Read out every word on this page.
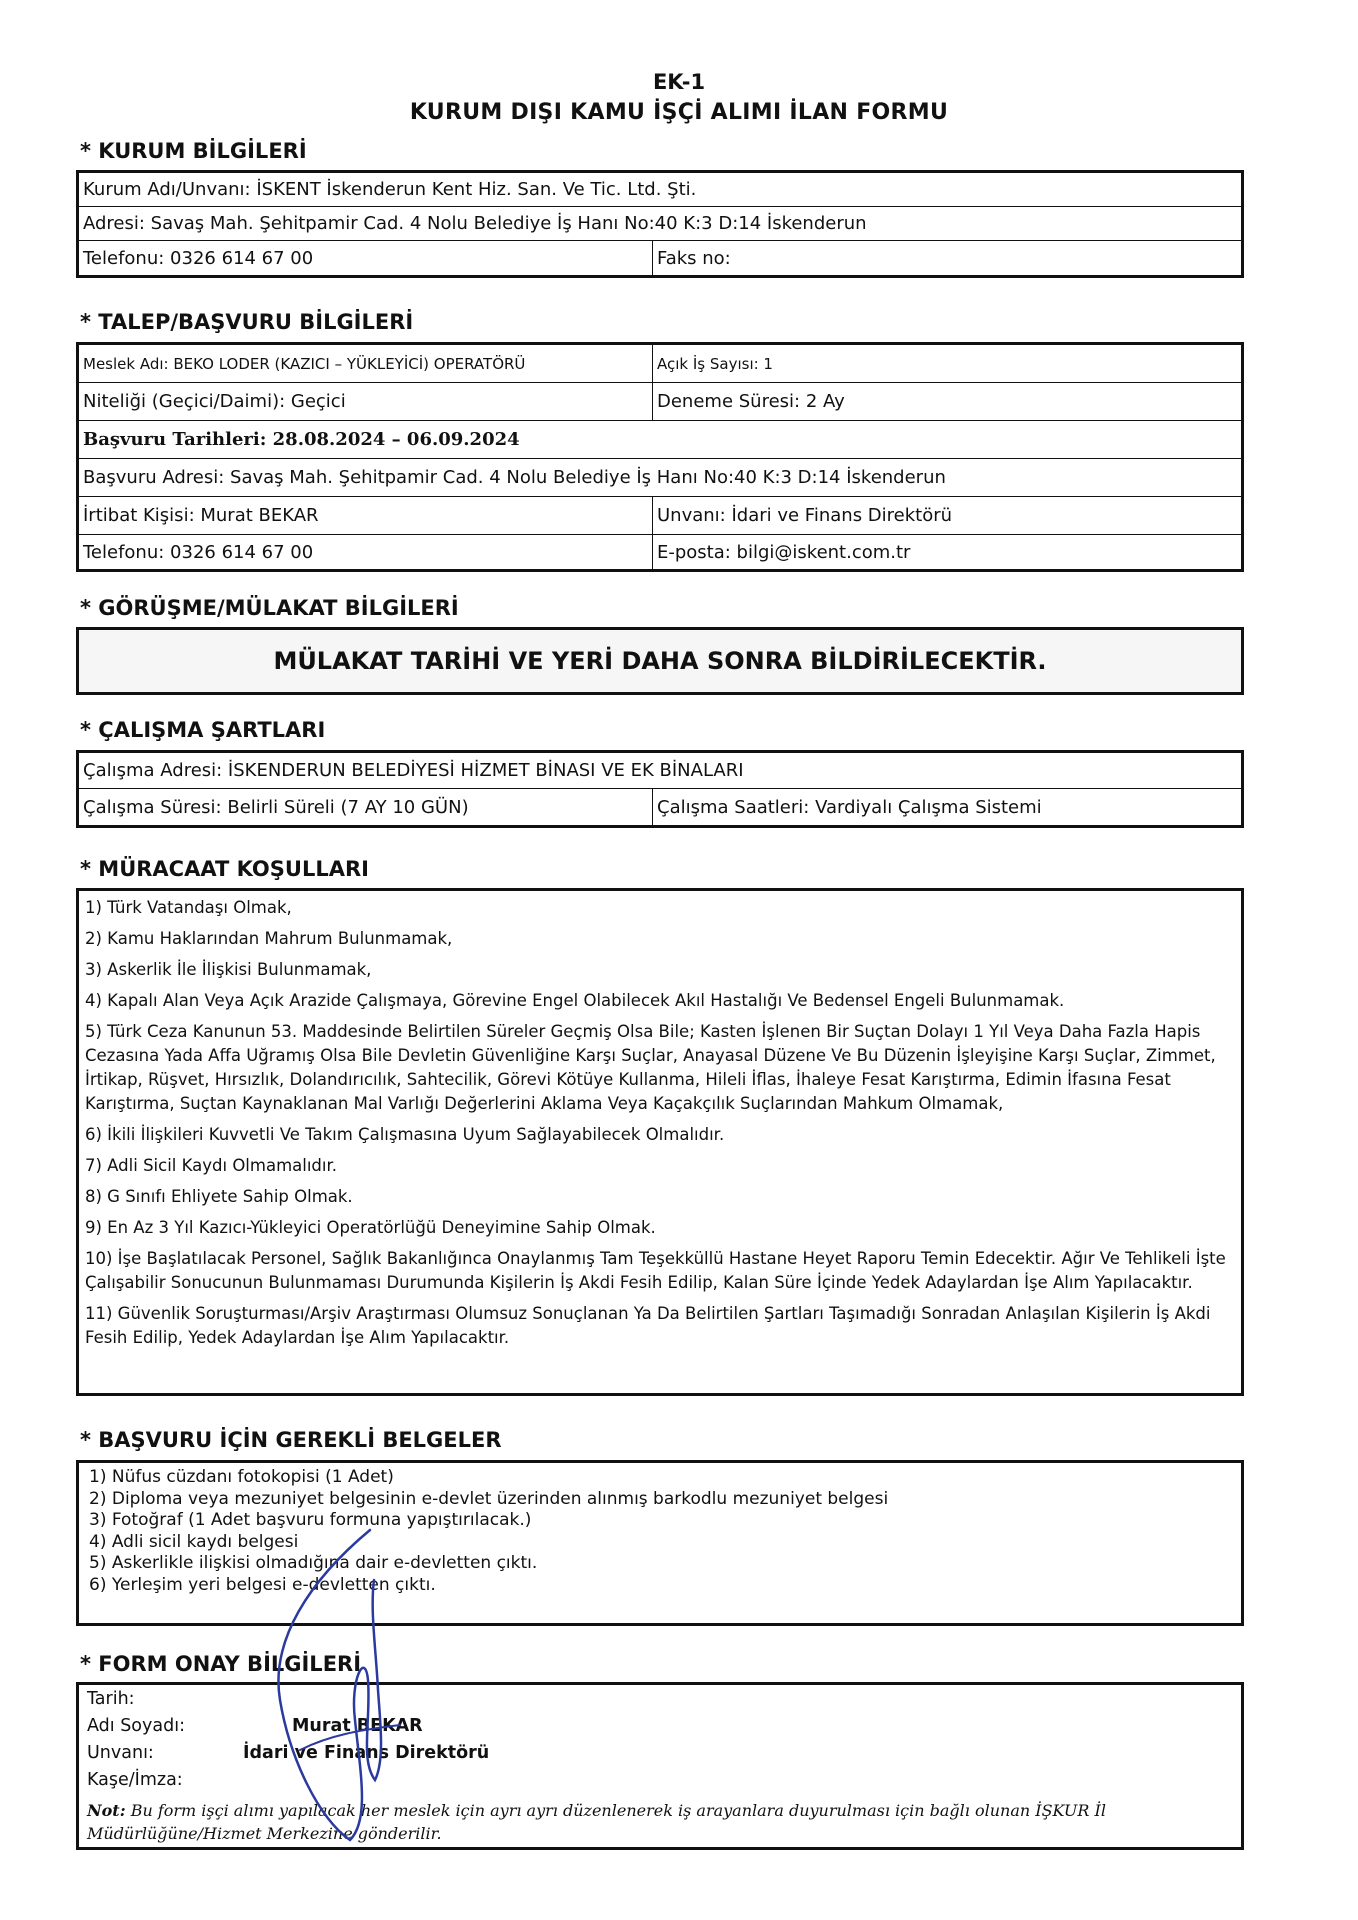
EK-1
KURUM DIŞI KAMU İŞÇİ ALIMI İLAN FORMU
* KURUM BİLGİLERİ
Kurum Adı/Unvanı: İSKENT İskenderun Kent Hiz. San. Ve Tic. Ltd. Şti.
Adresi: Savaş Mah. Şehitpamir Cad. 4 Nolu Belediye İş Hanı No:40 K:3 D:14 İskenderun
Telefonu: 0326 614 67 00	Faks no:
* TALEP/BAŞVURU BİLGİLERİ
Meslek Adı: BEKO LODER (KAZICI – YÜKLEYİCİ) OPERATÖRÜ	Açık İş Sayısı: 1
Niteliği (Geçici/Daimi): Geçici	Deneme Süresi: 2 Ay
Başvuru Tarihleri: 28.08.2024 – 06.09.2024
Başvuru Adresi: Savaş Mah. Şehitpamir Cad. 4 Nolu Belediye İş Hanı No:40 K:3 D:14 İskenderun
İrtibat Kişisi: Murat BEKAR	Unvanı: İdari ve Finans Direktörü
Telefonu: 0326 614 67 00	E-posta: bilgi@iskent.com.tr
* GÖRÜŞME/MÜLAKAT BİLGİLERİ
MÜLAKAT TARİHİ VE YERİ DAHA SONRA BİLDİRİLECEKTİR.
* ÇALIŞMA ŞARTLARI
Çalışma Adresi: İSKENDERUN BELEDİYESİ HİZMET BİNASI VE EK BİNALARI
Çalışma Süresi: Belirli Süreli (7 AY 10 GÜN)	Çalışma Saatleri: Vardiyalı Çalışma Sistemi
* MÜRACAAT KOŞULLARI

1) Türk Vatandaşı Olmak,

2) Kamu Haklarından Mahrum Bulunmamak,

3) Askerlik İle İlişkisi Bulunmamak,

4) Kapalı Alan Veya Açık Arazide Çalışmaya, Görevine Engel Olabilecek Akıl Hastalığı Ve Bedensel Engeli Bulunmamak.

5) Türk Ceza Kanunun 53. Maddesinde Belirtilen Süreler Geçmiş Olsa Bile; Kasten İşlenen Bir Suçtan Dolayı 1 Yıl Veya Daha Fazla Hapis Cezasına Yada Affa Uğramış Olsa Bile Devletin Güvenliğine Karşı Suçlar, Anayasal Düzene Ve Bu Düzenin İşleyişine Karşı Suçlar, Zimmet, İrtikap, Rüşvet, Hırsızlık, Dolandırıcılık, Sahtecilik, Görevi Kötüye Kullanma, Hileli İflas, İhaleye Fesat Karıştırma, Edimin İfasına Fesat Karıştırma, Suçtan Kaynaklanan Mal Varlığı Değerlerini Aklama Veya Kaçakçılık Suçlarından Mahkum Olmamak,

6) İkili İlişkileri Kuvvetli Ve Takım Çalışmasına Uyum Sağlayabilecek Olmalıdır.

7) Adli Sicil Kaydı Olmamalıdır.

8) G Sınıfı Ehliyete Sahip Olmak.

9) En Az 3 Yıl Kazıcı-Yükleyici Operatörlüğü Deneyimine Sahip Olmak.

10) İşe Başlatılacak Personel, Sağlık Bakanlığınca Onaylanmış Tam Teşekküllü Hastane Heyet Raporu Temin Edecektir. Ağır Ve Tehlikeli İşte Çalışabilir Sonucunun Bulunmaması Durumunda Kişilerin İş Akdi Fesih Edilip, Kalan Süre İçinde Yedek Adaylardan İşe Alım Yapılacaktır.

11) Güvenlik Soruşturması/Arşiv Araştırması Olumsuz Sonuçlanan Ya Da Belirtilen Şartları Taşımadığı Sonradan Anlaşılan Kişilerin İş Akdi Fesih Edilip, Yedek Adaylardan İşe Alım Yapılacaktır.

* BAŞVURU İÇİN GEREKLİ BELGELER
1) Nüfus cüzdanı fotokopisi (1 Adet)
2) Diploma veya mezuniyet belgesinin e-devlet üzerinden alınmış barkodlu mezuniyet belgesi
3) Fotoğraf (1 Adet başvuru formuna yapıştırılacak.)
4) Adli sicil kaydı belgesi
5) Askerlikle ilişkisi olmadığına dair e-devletten çıktı.
6) Yerleşim yeri belgesi e-devletten çıktı.
* FORM ONAY BİLGİLERİ
Tarih:
Adı Soyadı:	Murat BEKAR
Unvanı:	İdari ve Finans Direktörü
Kaşe/İmza:
Not: Bu form işçi alımı yapılacak her meslek için ayrı ayrı düzenlenerek iş arayanlara duyurulması için bağlı olunan İŞKUR İl Müdürlüğüne/Hizmet Merkezine gönderilir.
